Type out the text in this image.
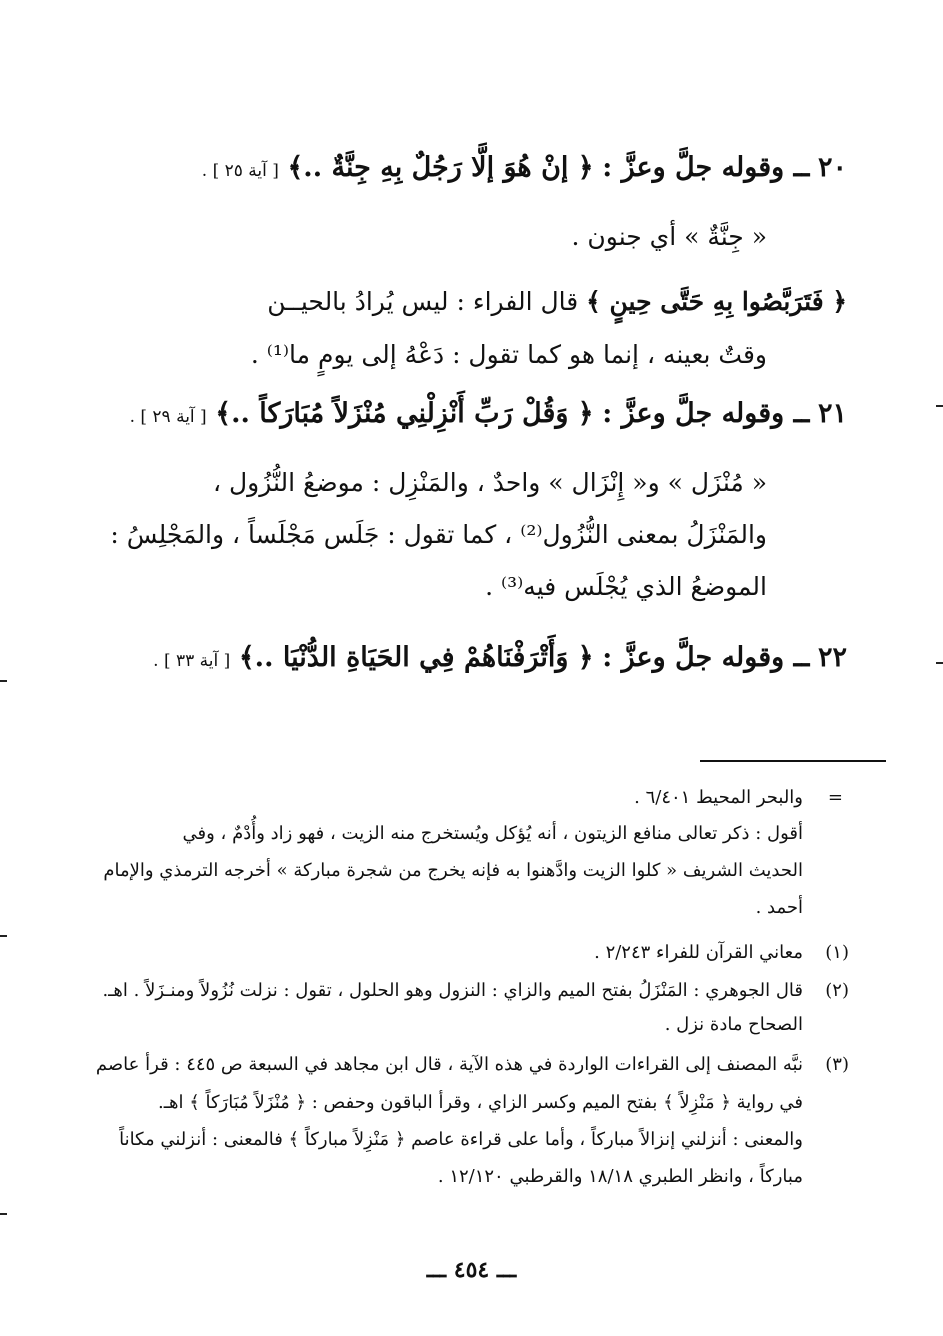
٢٠ ــ وقوله جلَّ وعزَّ : ﴿ إنْ هُوَ إلَّا رَجُلٌ بِهِ جِنَّةٌ ..﴾ [ آية ٢٥ ] .
« جِنَّةٌ » أي جنون .
﴿ فَتَرَبَّصُوا بِهِ حَتَّى حِينٍ ﴾ قال الفراء : ليس يُرادُ بالحيــن
وقتٌ بعينه ، إنما هو كما تقول : دَعْهُ إلى يومٍ ما⁽¹⁾ .
٢١ ــ وقوله جلَّ وعزَّ : ﴿ وَقُلْ رَبِّ أَنْزِلْنِي مُنْزَلاً مُبَارَكاً ..﴾ [ آية ٢٩ ] .
« مُنْزَل » و« إِنْزَال » واحدٌ ، والمَنْزِل : موضعُ النُّزُول ،
والمَنْزَلُ بمعنى النُّزُول⁽²⁾ ، كما تقول : جَلَس مَجْلَساً ، والمَجْلِسُ :
الموضعُ الذي يُجْلَس فيه⁽³⁾ .
٢٢ ــ وقوله جلَّ وعزَّ : ﴿ وَأَتْرَفْنَاهُمْ فِي الحَيَاةِ الدُّنْيَا ..﴾ [ آية ٣٣ ] .
=
والبحر المحيط ٦/٤٠١ .
أقول : ذكر تعالى منافع الزيتون ، أنه يُؤكل ويُستخرج منه الزيت ، فهو زاد وأُدْمٌ ، وفي
الحديث الشريف « كلوا الزيت وادَّهنوا به فإنه يخرج من شجرة مباركة » أخرجه الترمذي والإمام
أحمد .
(١)
معاني القرآن للفراء ٢/٢٤٣ .
(٢)
قال الجوهري : المَنْزَلُ بفتح الميم والزاي : النزول وهو الحلول ، تقول : نزلت نُزُولاً ومنـزَلاً . اهـ.
الصحاح مادة نزل .
(٣)
نبَّه المصنف إلى القراءات الواردة في هذه الآية ، قال ابن مجاهد في السبعة ص ٤٤٥ : قرأ عاصم
في رواية ﴿ مَنْزِلاً ﴾ بفتح الميم وكسر الزاي ، وقرأ الباقون وحفص : ﴿ مُنْزَلاً مُبَارَكاً ﴾ اهـ.
والمعنى : أنزلني إنزالاً مباركاً ، وأما على قراءة عاصم ﴿ مَنْزِلاً مباركاً ﴾ فالمعنى : أنزلني مكاناً
مباركاً ، وانظر الطبري ١٨/١٨ والقرطبي ١٢/١٢٠ .
ـــ ٤٥٤ ـــ
